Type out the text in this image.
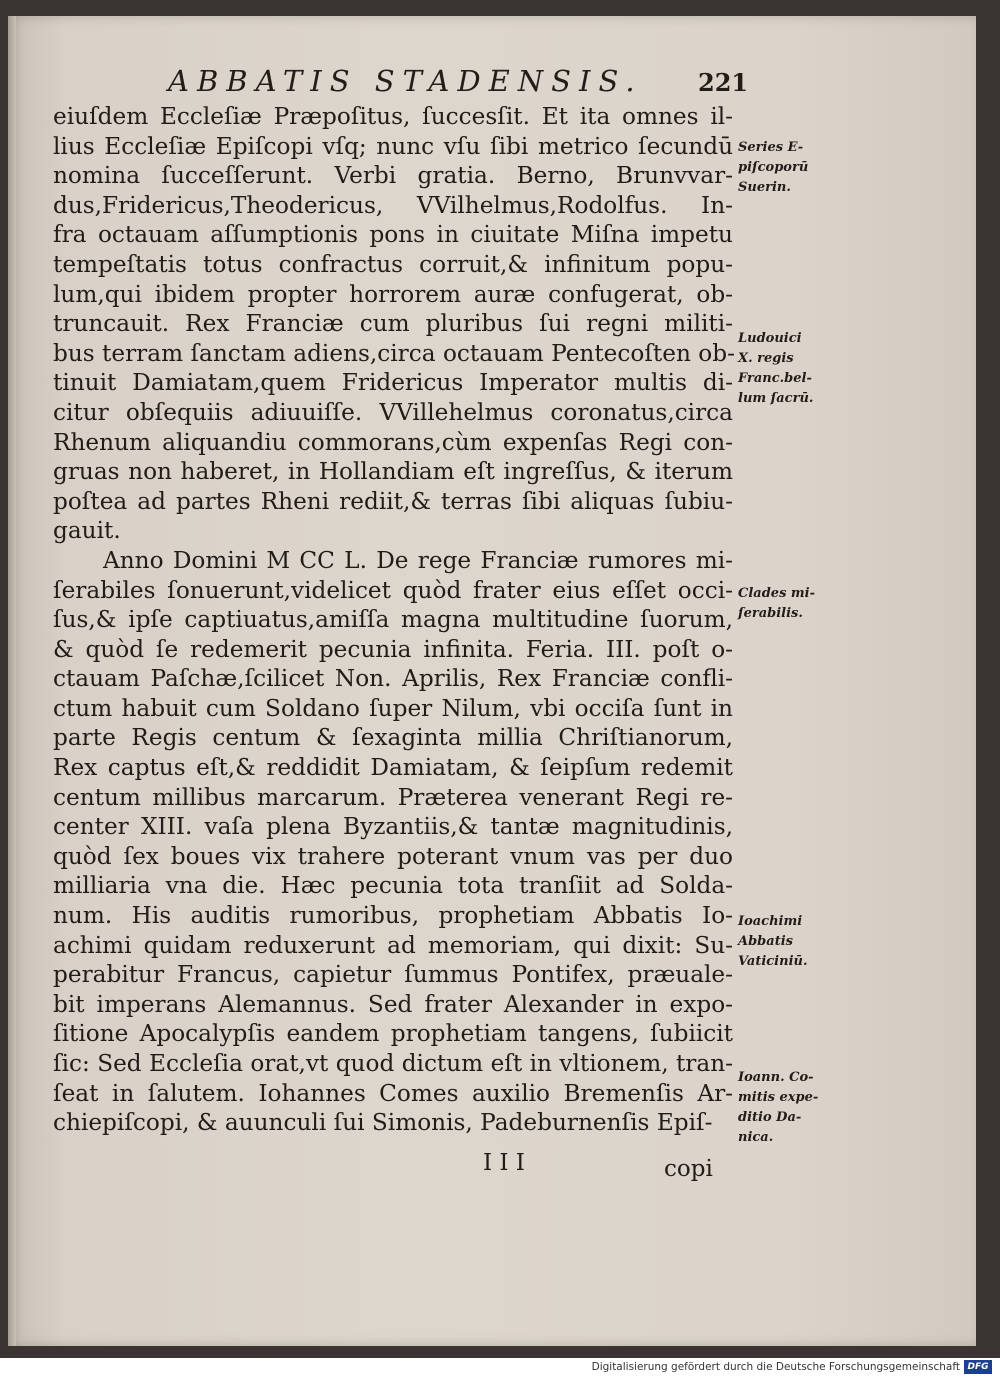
ABBATIS STADENSIS. 221
eiuſdem Eccleſiæ Præpoſitus, ſuccesſit. Et ita omnes il-
lius Eccleſiæ Epiſcopi vſq; nunc vſu ſibi metrico ſecundū
nomina ſucceſſerunt. Verbi gratia. Berno, Brunvvar-
dus,Fridericus,Theodericus, VVilhelmus,Rodolfus. In-
fra octauam aſſumptionis pons in ciuitate Miſna impetu
tempeſtatis totus confractus corruit,& infinitum popu-
lum,qui ibidem propter horrorem auræ confugerat, ob-
truncauit. Rex Franciæ cum pluribus ſui regni militi-
bus terram ſanctam adiens,circa octauam Pentecoſten ob-
tinuit Damiatam,quem Fridericus Imperator multis di-
citur obſequiis adiuuiſſe. VVillehelmus coronatus,circa
Rhenum aliquandiu commorans,cùm expenſas Regi con-
gruas non haberet, in Hollandiam eſt ingreſſus, & iterum
poſtea ad partes Rheni rediit,& terras ſibi aliquas ſubiu-
gauit.
Anno Domini M CC L. De rege Franciæ rumores mi-
ſerabiles ſonuerunt,videlicet quòd frater eius eſſet occi-
ſus,& ipſe captiuatus,amiſſa magna multitudine ſuorum,
& quòd ſe redemerit pecunia infinita. Feria. III. poſt o-
ctauam Paſchæ,ſcilicet Non. Aprilis, Rex Franciæ confli-
ctum habuit cum Soldano ſuper Nilum, vbi occiſa ſunt in
parte Regis centum & ſexaginta millia Chriſtianorum,
Rex captus eſt,& reddidit Damiatam, & ſeipſum redemit
centum millibus marcarum. Præterea venerant Regi re-
center XIII. vaſa plena Byzantiis,& tantæ magnitudinis,
quòd ſex boues vix trahere poterant vnum vas per duo
milliaria vna die. Hæc pecunia tota tranſiit ad Solda-
num. His auditis rumoribus, prophetiam Abbatis Io-
achimi quidam reduxerunt ad memoriam, qui dixit: Su-
perabitur Francus, capietur ſummus Pontifex, præuale-
bit imperans Alemannus. Sed frater Alexander in expo-
ſitione Apocalypſis eandem prophetiam tangens, ſubiicit
ſic: Sed Eccleſia orat,vt quod dictum eſt in vltionem, tran-
ſeat in ſalutem. Iohannes Comes auxilio Bremenſis Ar-
chiepiſcopi, & auunculi ſui Simonis, Padeburnenſis Epiſ-
Series E-
piſcoporū
Suerin.
Ludouici
X. regis
Franc.bel-
lum ſacrū.
Clades mi-
ſerabilis.
Ioachimi
Abbatis
Vaticiniū.
Ioann. Co-
mitis expe-
ditio Da-
nica.
I I I	copi
Digitalisierung gefördert durch die Deutsche Forschungsgemeinschaft DFG
